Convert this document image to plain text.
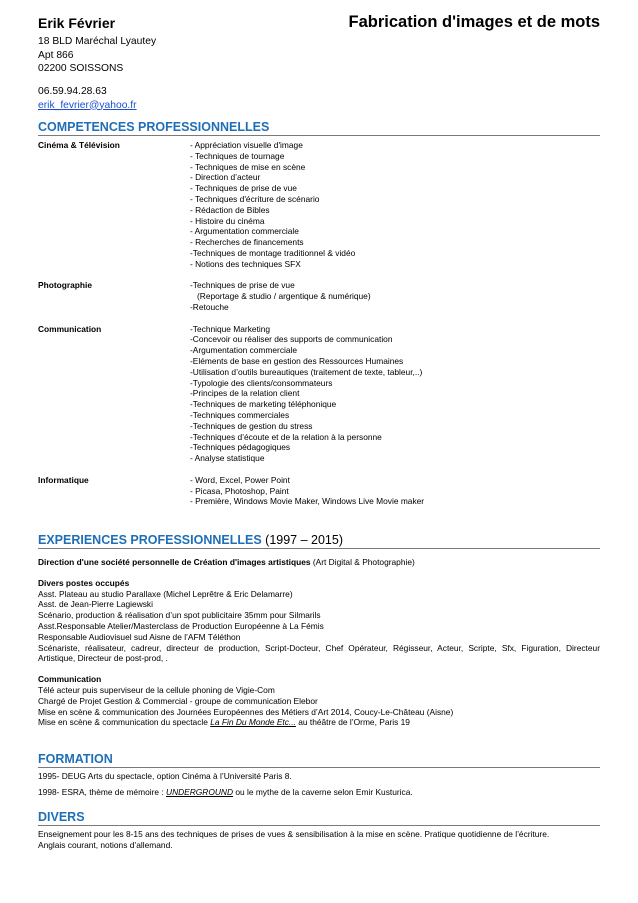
Erik Février	Fabrication d'images et de mots
18 BLD Maréchal Lyautey
Apt 866
02200 SOISSONS
06.59.94.28.63
erik_fevrier@yahoo.fr
COMPETENCES PROFESSIONNELLES
Cinéma & Télévision	- Appréciation visuelle d'image
- Techniques de tournage
- Techniques de mise en scène
- Direction d’acteur
- Techniques de prise de vue
- Techniques d'écriture de scénario
- Rédaction de Bibles
- Histoire du cinéma
- Argumentation commerciale
- Recherches de financements
-Techniques de montage traditionnel & vidéo
- Notions des techniques SFX
Photographie	-Techniques de prise de vue
(Reportage & studio / argentique & numérique)
-Retouche
Communication	-Technique Marketing
-Concevoir ou réaliser des supports de communication
-Argumentation commerciale
-Eléments de base en gestion des Ressources Humaines
-Utilisation d’outils bureautiques (traitement de texte, tableur,..)
-Typologie des clients/consommateurs
-Principes de la relation client
-Techniques de marketing téléphonique
-Techniques commerciales
-Techniques de gestion du stress
-Techniques d’écoute et de la relation à la personne
-Techniques pédagogiques
- Analyse statistique
Informatique	- Word, Excel, Power Point
- Picasa, Photoshop, Paint
- Première, Windows Movie Maker, Windows Live Movie maker
EXPERIENCES PROFESSIONNELLES (1997 – 2015)
Direction d'une société personnelle de Création d'images artistiques (Art Digital & Photographie)
Divers postes occupés
Asst. Plateau au studio Parallaxe (Michel Leprêtre & Eric Delamarre)
Asst. de Jean-Pierre Lagiewski
Scénario, production & réalisation d’un spot publicitaire 35mm pour Silmarils
Asst.Responsable Atelier/Masterclass de Production Européenne à La Fémis
Responsable Audiovisuel sud Aisne de l’AFM Téléthon
Scénariste, réalisateur, cadreur, directeur de production, Script-Docteur, Chef Opérateur, Régisseur, Acteur, Scripte, Sfx, Figuration, Directeur Artistique, Directeur de post-prod, .
Communication
Télé acteur puis superviseur de la cellule phoning de Vigie-Com
Chargé de Projet Gestion & Commercial - groupe de communication Elebor
Mise en scène & communication des Journées Européennes des Métiers d’Art 2014, Coucy-Le-Château (Aisne)
Mise en scène & communication du spectacle La Fin Du Monde Etc... au théâtre de l’Orme, Paris 19
FORMATION
1995- DEUG Arts du spectacle, option Cinéma à l’Université Paris 8.
1998- ESRA, thème de mémoire : UNDERGROUND ou le mythe de la caverne selon Emir Kusturica.
DIVERS
Enseignement pour les 8-15 ans des techniques de prises de vues & sensibilisation à la mise en scène. Pratique quotidienne de l’écriture.
Anglais courant, notions d’allemand.
